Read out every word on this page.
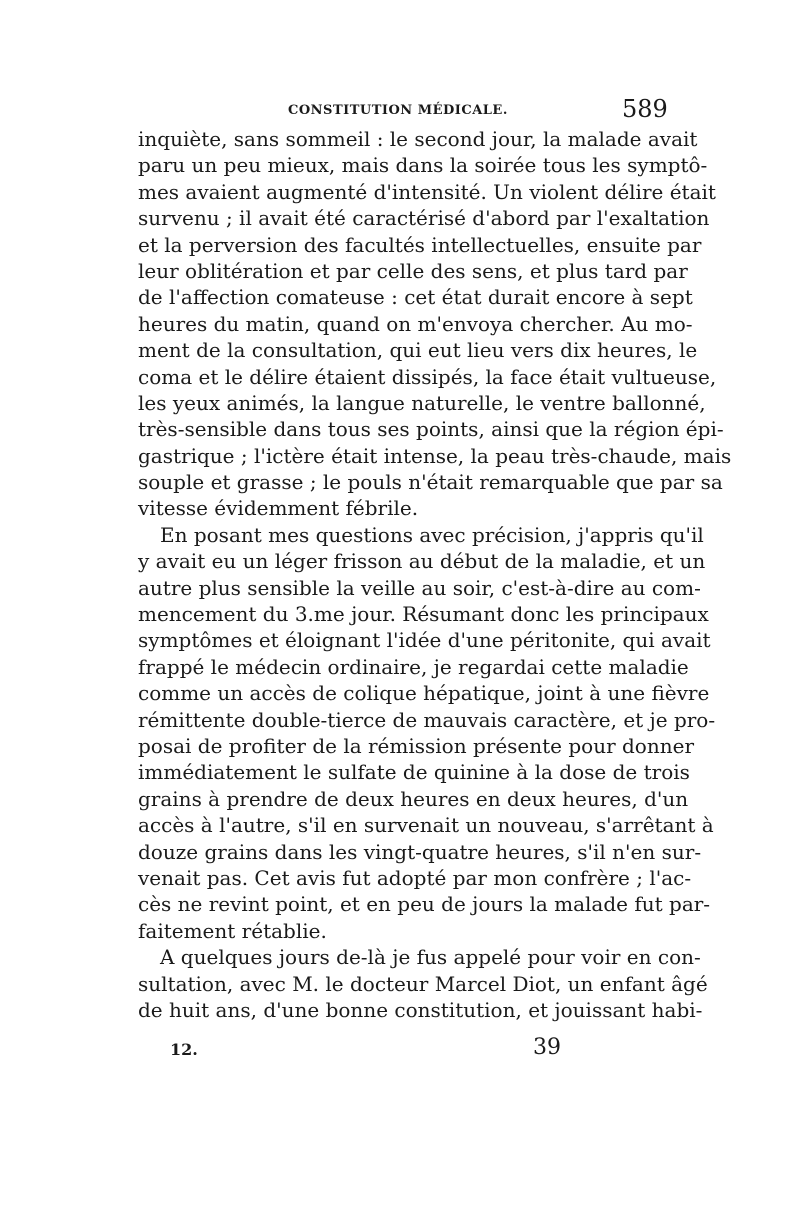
CONSTITUTION MÉDICALE.	589
inquiète, sans sommeil : le second jour, la malade avait
paru un peu mieux, mais dans la soirée tous les symptô-
mes avaient augmenté d'intensité. Un violent délire était
survenu ; il avait été caractérisé d'abord par l'exaltation
et la perversion des facultés intellectuelles, ensuite par
leur oblitération et par celle des sens, et plus tard par
de l'affection comateuse : cet état durait encore à sept
heures du matin, quand on m'envoya chercher. Au mo-
ment de la consultation, qui eut lieu vers dix heures, le
coma et le délire étaient dissipés, la face était vultueuse,
les yeux animés, la langue naturelle, le ventre ballonné,
très-sensible dans tous ses points, ainsi que la région épi-
gastrique ; l'ictère était intense, la peau très-chaude, mais
souple et grasse ; le pouls n'était remarquable que par sa
vitesse évidemment fébrile.
En posant mes questions avec précision, j'appris qu'il
y avait eu un léger frisson au début de la maladie, et un
autre plus sensible la veille au soir, c'est-à-dire au com-
mencement du 3.me jour. Résumant donc les principaux
symptômes et éloignant l'idée d'une péritonite, qui avait
frappé le médecin ordinaire, je regardai cette maladie
comme un accès de colique hépatique, joint à une fièvre
rémittente double-tierce de mauvais caractère, et je pro-
posai de profiter de la rémission présente pour donner
immédiatement le sulfate de quinine à la dose de trois
grains à prendre de deux heures en deux heures, d'un
accès à l'autre, s'il en survenait un nouveau, s'arrêtant à
douze grains dans les vingt-quatre heures, s'il n'en sur-
venait pas. Cet avis fut adopté par mon confrère ; l'ac-
cès ne revint point, et en peu de jours la malade fut par-
faitement rétablie.
A quelques jours de-là je fus appelé pour voir en con-
sultation, avec M. le docteur Marcel Diot, un enfant âgé
de huit ans, d'une bonne constitution, et jouissant habi-
12.	39
